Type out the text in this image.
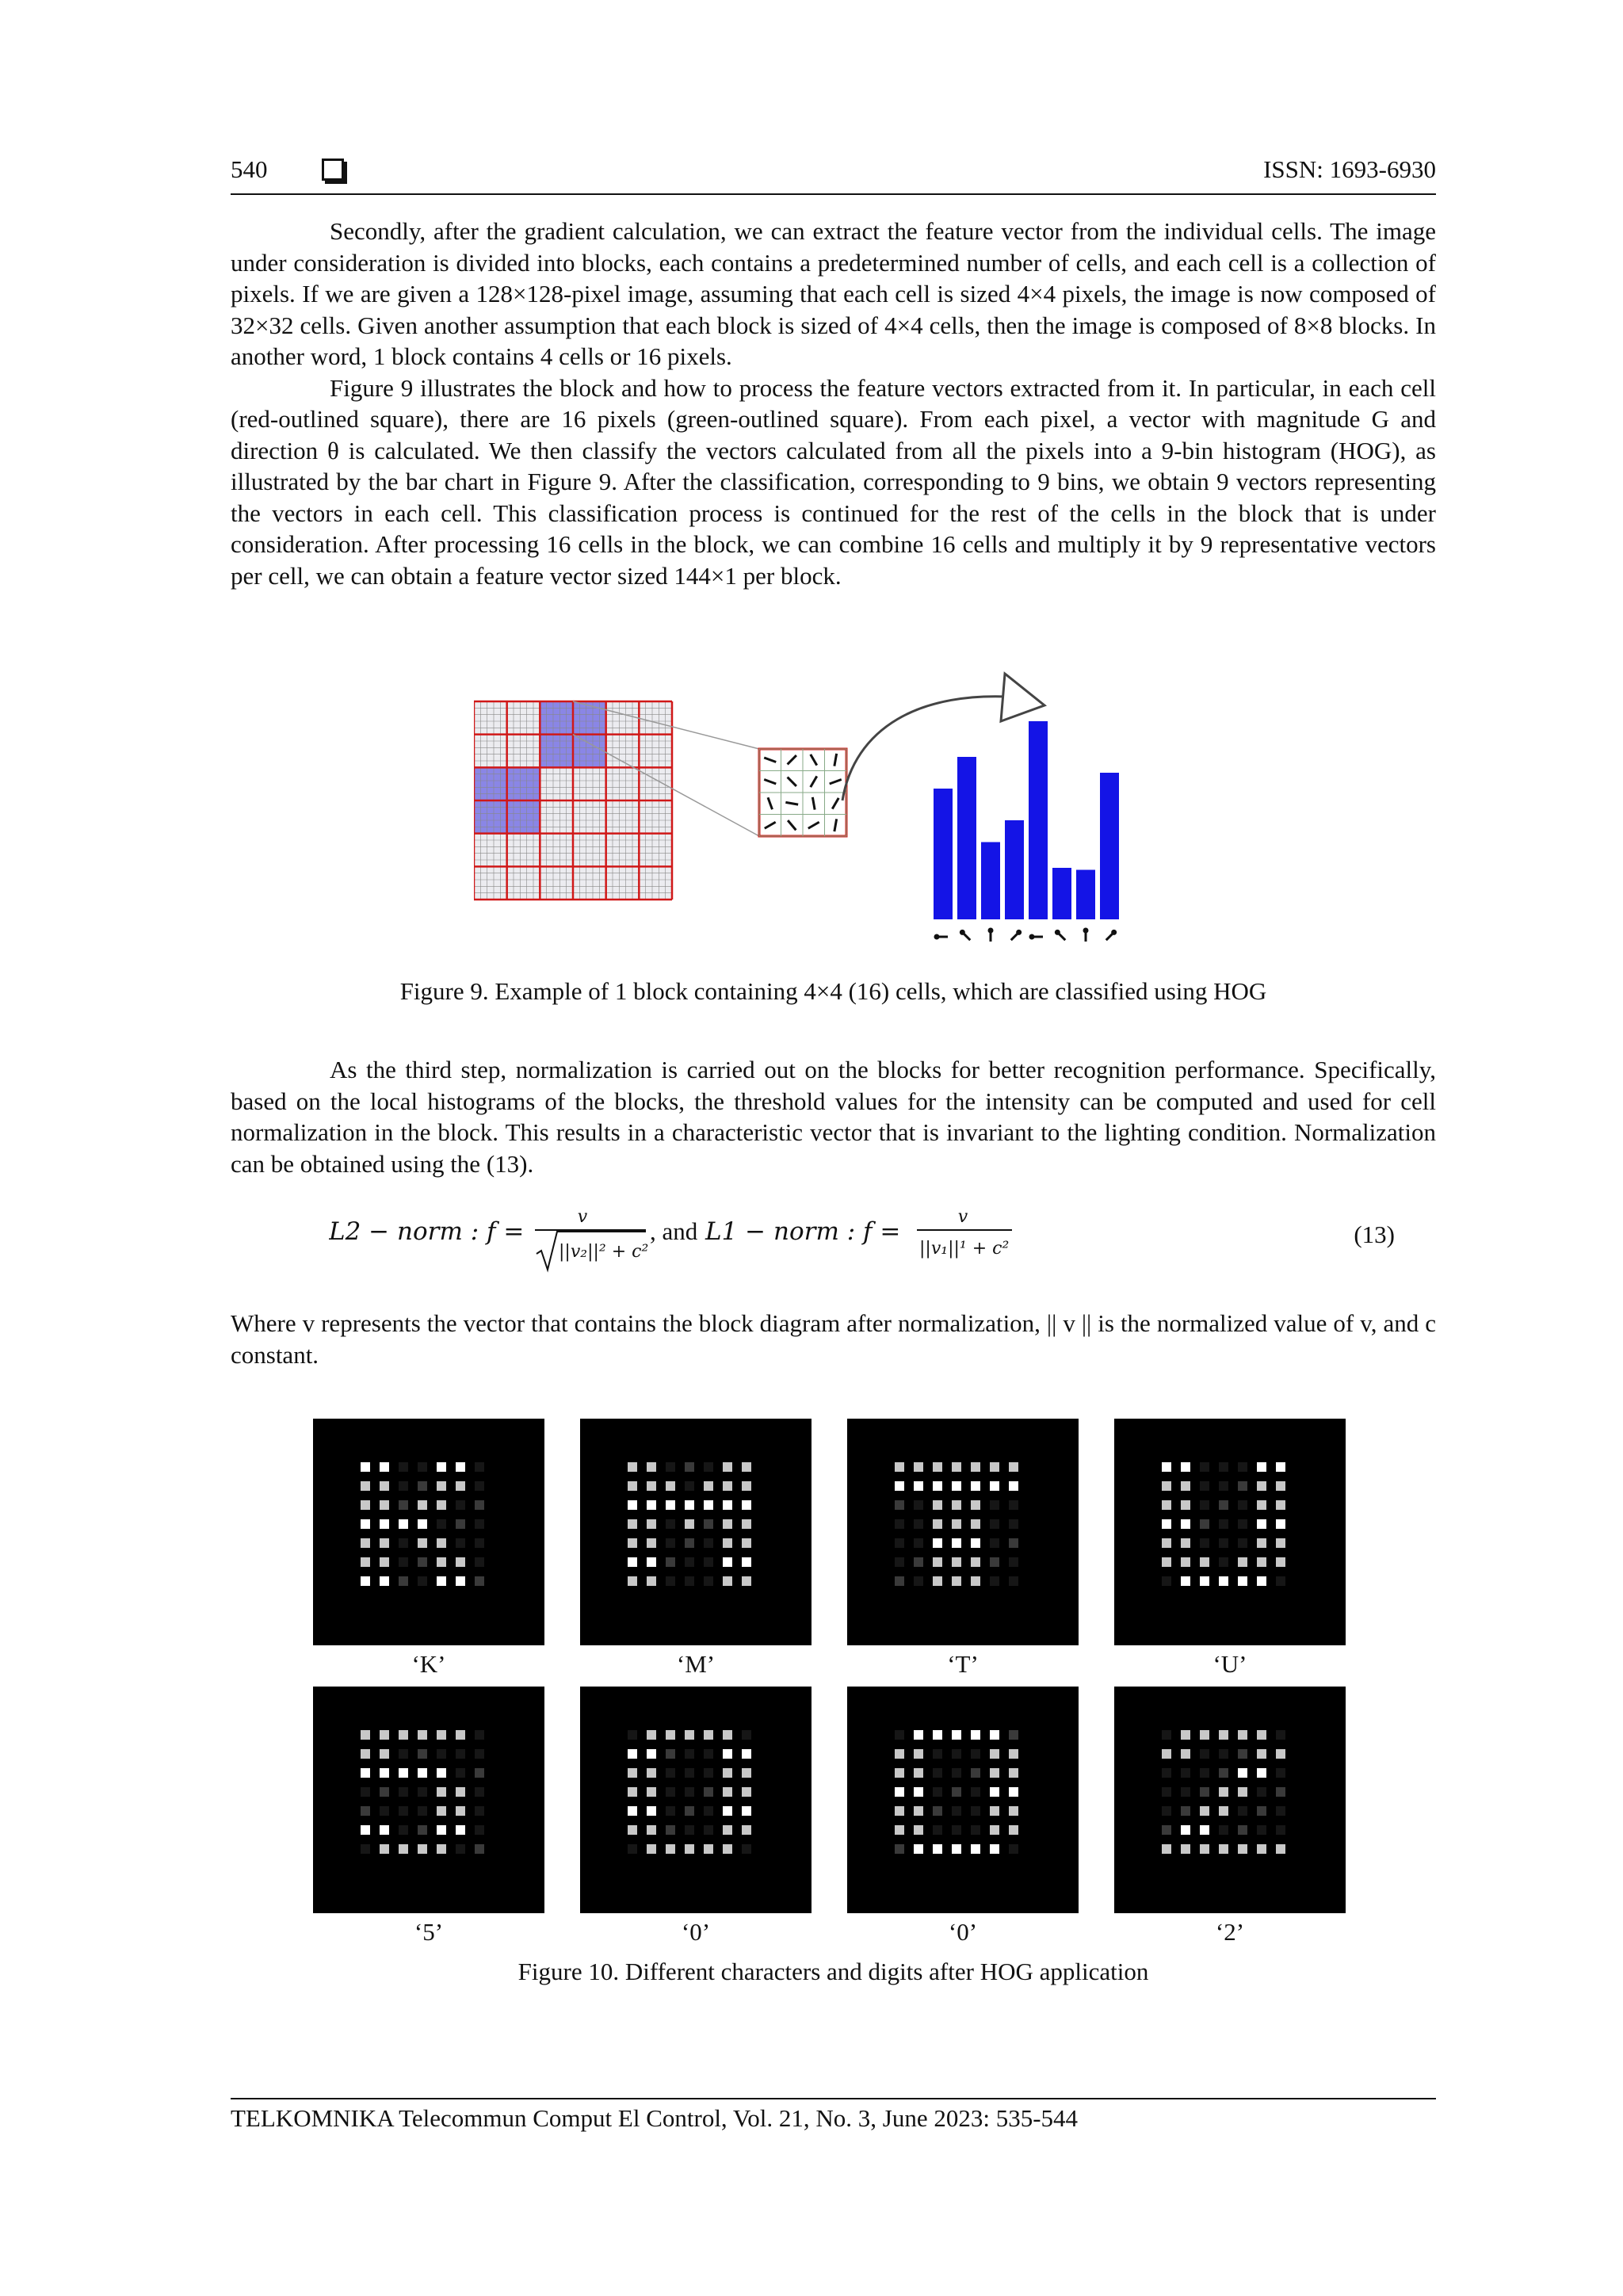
540	ISSN: 1693-6930

Secondly, after the gradient calculation, we can extract the feature vector from the individual cells. The image under consideration is divided into blocks, each contains a predetermined number of cells, and each cell is a collection of pixels. If we are given a 128×128-pixel image, assuming that each cell is sized 4×4 pixels, the image is now composed of 32×32 cells. Given another assumption that each block is sized of 4×4 cells, then the image is composed of 8×8 blocks. In another word, 1 block contains 4 cells or 16 pixels.

Figure 9 illustrates the block and how to process the feature vectors extracted from it. In particular, in each cell (red-outlined square), there are 16 pixels (green-outlined square). From each pixel, a vector with magnitude G and direction θ is calculated. We then classify the vectors calculated from all the pixels into a 9-bin histogram (HOG), as illustrated by the bar chart in Figure 9. After the classification, corresponding to 9 bins, we obtain 9 vectors representing the vectors in each cell. This classification process is continued for the rest of the cells in the block that is under consideration. After processing 16 cells in the block, we can combine 16 cells and multiply it by 9 representative vectors per cell, we can obtain a feature vector sized 144×1 per block.

Figure 9. Example of 1 block containing 4×4 (16) cells, which are classified using HOG

As the third step, normalization is carried out on the blocks for better recognition performance. Specifically, based on the local histograms of the blocks, the threshold values for the intensity can be computed and used for cell normalization in the block. This results in a characteristic vector that is invariant to the lighting condition. Normalization can be obtained using the (13).

L2 − norm : f =
v
||v₂||² + c²
, and L1 − norm : f =
v
||v₁||¹ + c²
(13)

Where v represents the vector that contains the block diagram after normalization, || v || is the normalized value of v, and c constant.

‘K’	‘M’	‘T’	‘U’
‘5’	‘0’	‘0’	‘2’
Figure 10. Different characters and digits after HOG application
TELKOMNIKA Telecommun Comput El Control, Vol. 21, No. 3, June 2023: 535-544
